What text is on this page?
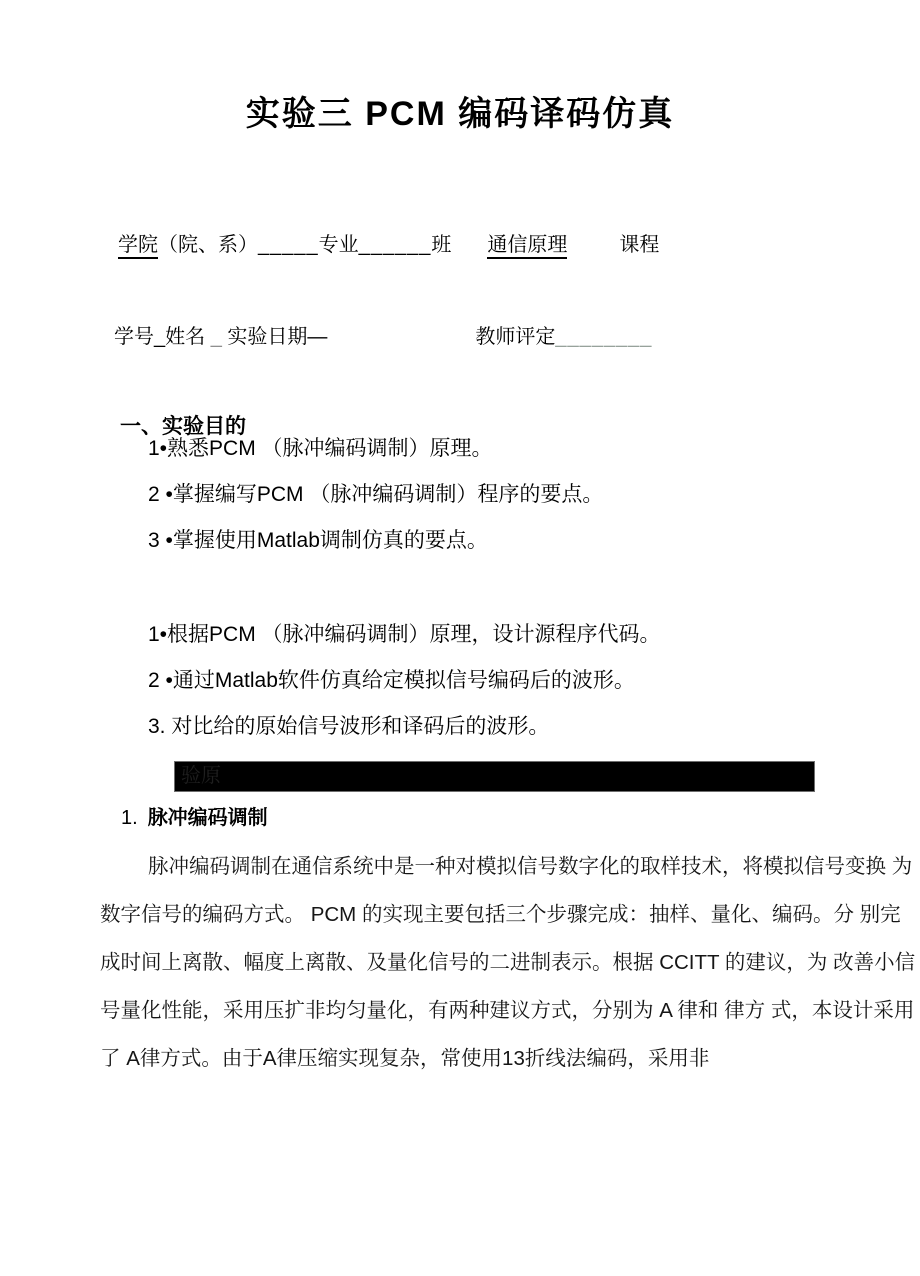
实验三 PCM 编码译码仿真
学院（院、系）_____专业______班 通信原理	课程
学号_姓名 _ 实验日期—	教师评定________
一、实验目的
1•熟悉PCM （脉冲编码调制）原理。
2 •掌握编写PCM （脉冲编码调制）程序的要点。
3 •掌握使用Matlab调制仿真的要点。
1•根据PCM （脉冲编码调制）原理，设计源程序代码。
2 •通过Matlab软件仿真给定模拟信号编码后的波形。
3. 对比给的原始信号波形和译码后的波形。
验原
1. 脉冲编码调制
脉冲编码调制在通信系统中是一种对模拟信号数字化的取样技术，将模拟信号变换 为
数字信号的编码方式。 PCM 的实现主要包括三个步骤完成：抽样、量化、编码。分 别完
成时间上离散、幅度上离散、及量化信号的二进制表示。根据 CCITT 的建议，为 改善小信
号量化性能，采用压扩非均匀量化，有两种建议方式，分别为 A 律和 律方 式，本设计采用
了 A律方式。由于A律压缩实现复杂，常使用13折线法编码，采用非
